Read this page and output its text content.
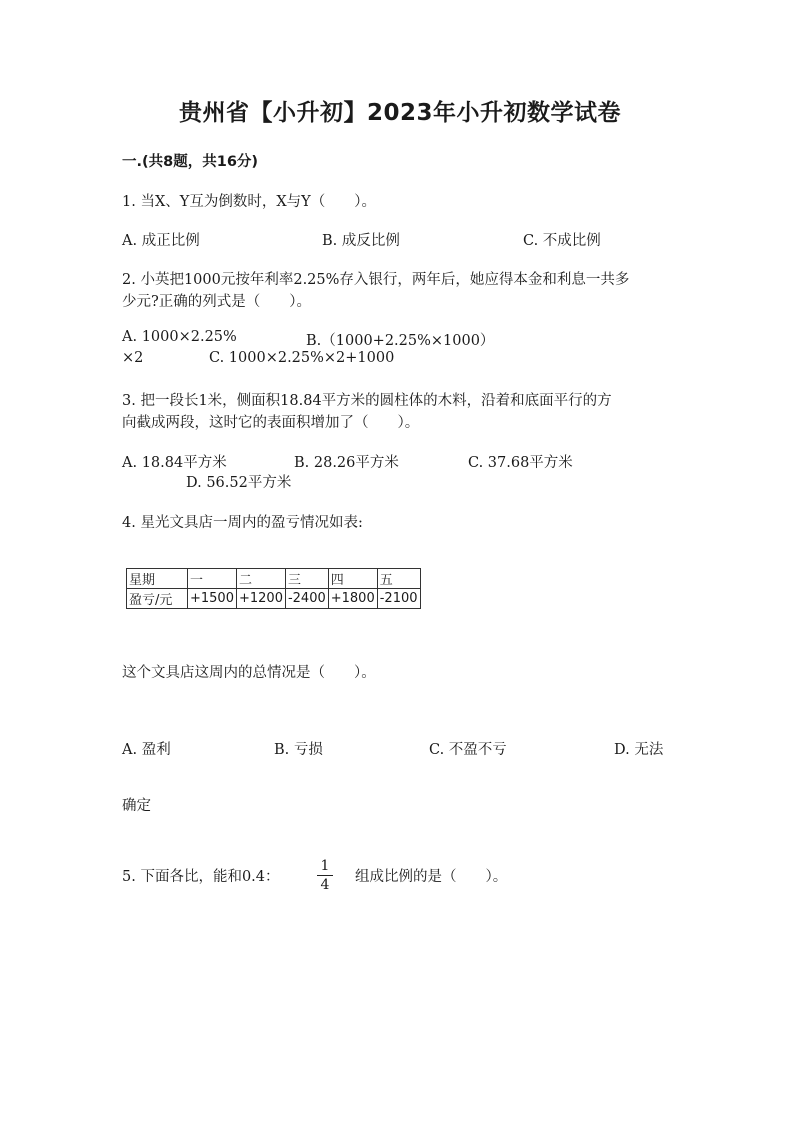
贵州省【小升初】2023年小升初数学试卷
一.(共8题，共16分)
1. 当X、Y互为倒数时，X与Y（　　）。
A. 成正比例	B. 成反比例	C. 不成比例
2. 小英把1000元按年利率2.25%存入银行，两年后，她应得本金和利息一共多
少元?正确的列式是（　　）。
A. 1000×2.25%	B.（1000+2.25%×1000）
×2	C. 1000×2.25%×2+1000
3. 把一段长1米，侧面积18.84平方米的圆柱体的木料，沿着和底面平行的方
向截成两段，这时它的表面积增加了（　　）。
A. 18.84平方米	B. 28.26平方米	C. 37.68平方米
D. 56.52平方米
4. 星光文具店一周内的盈亏情况如表:
星期	一	二	三	四	五
盈亏/元	+1500	+1200	-2400	+1800	-2100
这个文具店这周内的总情况是（　　）。
A. 盈利	B. 亏损	C. 不盈不亏	D. 无法
确定
5. 下面各比，能和0.4：
1
4 组成比例的是（　　）。
